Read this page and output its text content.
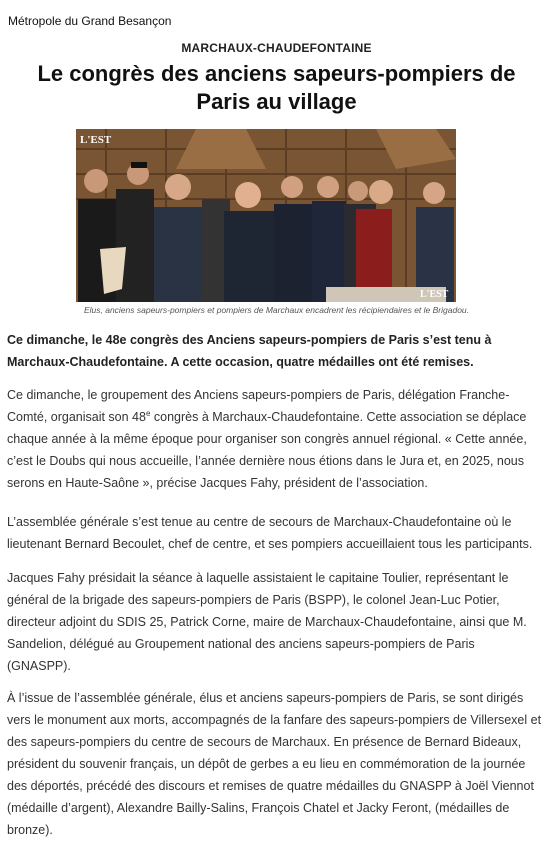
Métropole du Grand Besançon
MARCHAUX-CHAUDEFONTAINE
Le congrès des anciens sapeurs-pompiers de Paris au village
L'EST
L'EST
Elus, anciens sapeurs-pompiers et pompiers de Marchaux encadrent les récipiendaires et le Brigadou.

Ce dimanche, le 48e congrès des Anciens sapeurs-pompiers de Paris s’est tenu à Marchaux-Chaudefontaine. A cette occasion, quatre médailles ont été remises.

Ce dimanche, le groupement des Anciens sapeurs-pompiers de Paris, délégation Franche-Comté, organisait son 48e congrès à Marchaux-Chaudefontaine. Cette association se déplace chaque année à la même époque pour organiser son congrès annuel régional. « Cette année, c’est le Doubs qui nous accueille, l’année dernière nous étions dans le Jura et, en 2025, nous serons en Haute-Saône », précise Jacques Fahy, président de l’association.

L’assemblée générale s’est tenue au centre de secours de Marchaux-Chaudefontaine où le lieutenant Bernard Becoulet, chef de centre, et ses pompiers accueillaient tous les participants.

Jacques Fahy présidait la séance à laquelle assistaient le capitaine Toulier, représentant le général de la brigade des sapeurs-pompiers de Paris (BSPP), le colonel Jean-Luc Potier, directeur adjoint du SDIS 25, Patrick Corne, maire de Marchaux-Chaudefontaine, ainsi que M. Sandelion, délégué au Groupement national des anciens sapeurs-pompiers de Paris (GNASPP).

À l’issue de l’assemblée générale, élus et anciens sapeurs-pompiers de Paris, se sont dirigés vers le monument aux morts, accompagnés de la fanfare des sapeurs-pompiers de Villersexel et des sapeurs-pompiers du centre de secours de Marchaux. En présence de Bernard Bideaux, président du souvenir français, un dépôt de gerbes a eu lieu en commémoration de la journée des déportés, précédé des discours et remises de quatre médailles du GNASPP à Joël Viennot (médaille d’argent), Alexandre Bailly-Salins, François Chatel et Jacky Feront, (médailles de bronze).
